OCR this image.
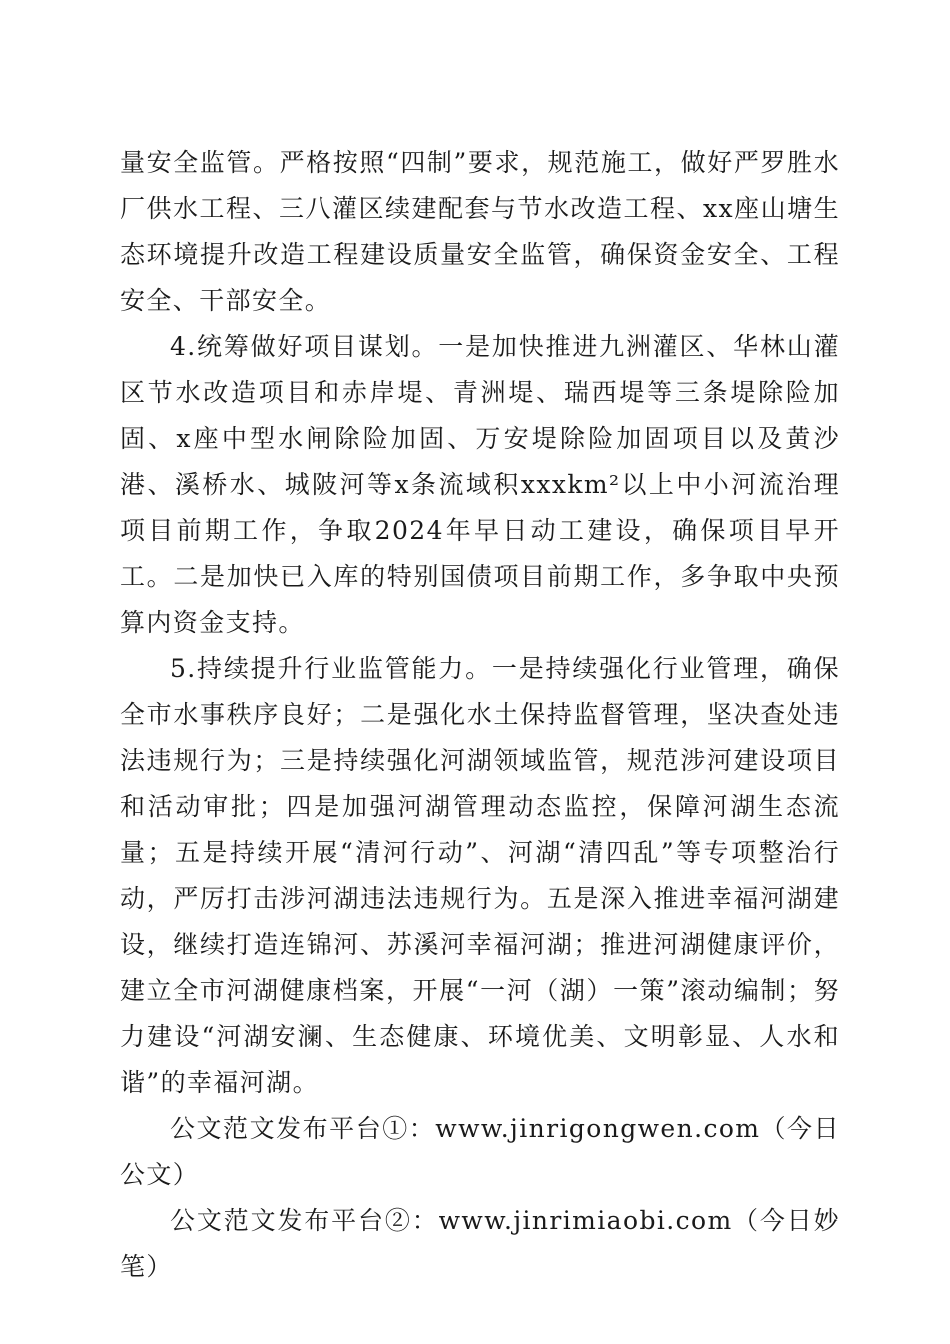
量安全监管。严格按照“四制”要求，规范施工，做好严罗胜水厂供水工程、三八灌区续建配套与节水改造工程、xx座山塘生态环境提升改造工程建设质量安全监管，确保资金安全、工程安全、干部安全。

4.统筹做好项目谋划。一是加快推进九洲灌区、华林山灌区节水改造项目和赤岸堤、青洲堤、瑞西堤等三条堤除险加固、x座中型水闸除险加固、万安堤除险加固项目以及黄沙港、溪桥水、城陂河等x条流域积xxxkm²以上中小河流治理项目前期工作，争取2024年早日动工建设，确保项目早开工。二是加快已入库的特别国债项目前期工作，多争取中央预算内资金支持。

5.持续提升行业监管能力。一是持续强化行业管理，确保全市水事秩序良好；二是强化水土保持监督管理，坚决查处违法违规行为；三是持续强化河湖领域监管，规范涉河建设项目和活动审批；四是加强河湖管理动态监控，保障河湖生态流量；五是持续开展“清河行动”、河湖“清四乱”等专项整治行动，严厉打击涉河湖违法违规行为。五是深入推进幸福河湖建设，继续打造连锦河、苏溪河幸福河湖；推进河湖健康评价，建立全市河湖健康档案，开展“一河（湖）一策”滚动编制；努力建设“河湖安澜、生态健康、环境优美、文明彰显、人水和谐”的幸福河湖。

公文范文发布平台①：www.jinrigongwen.com（今日公文）

公文范文发布平台②：www.jinrimiaobi.com（今日妙笔）
